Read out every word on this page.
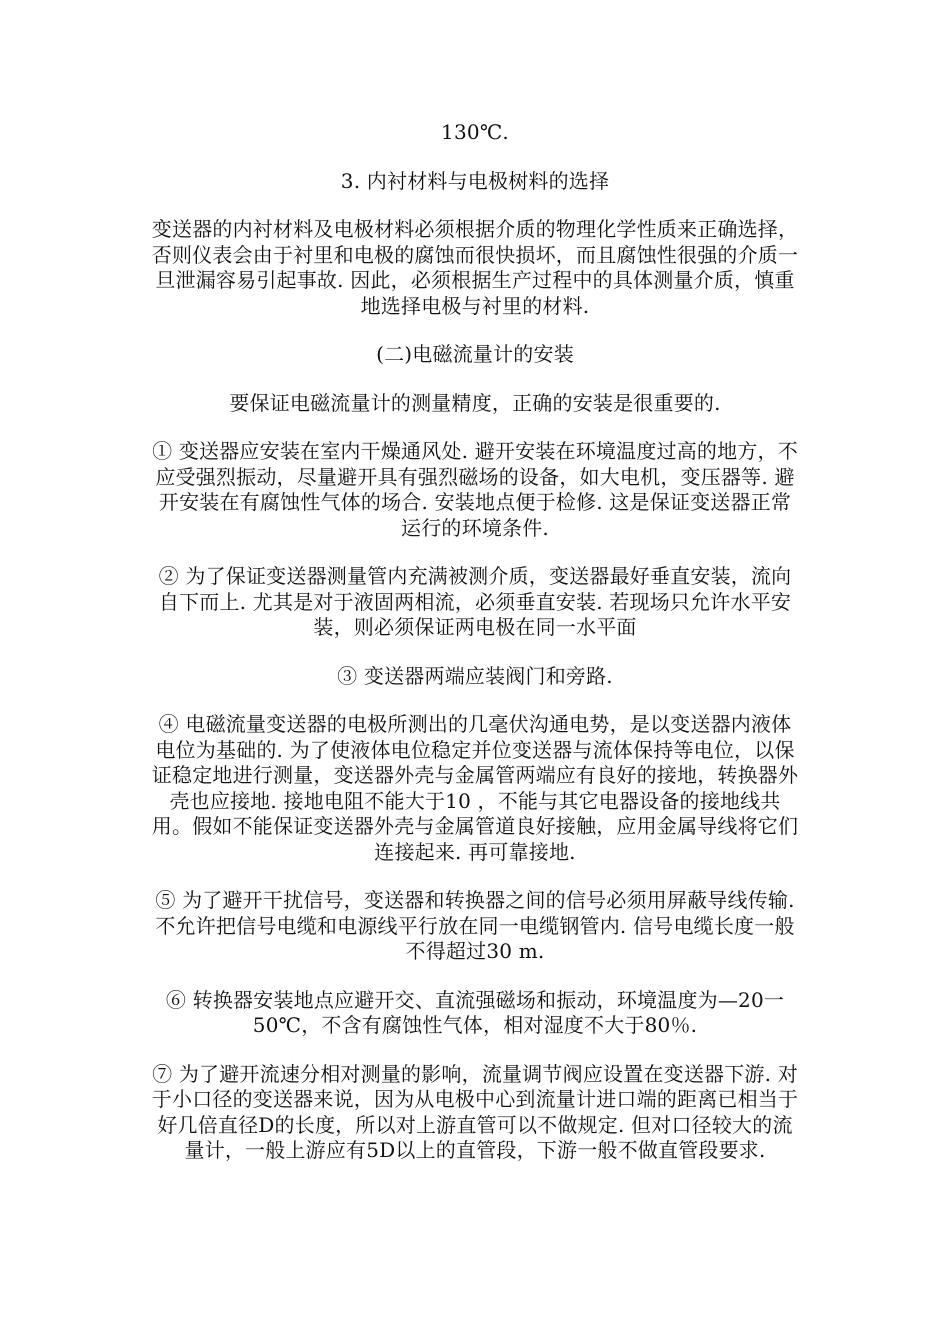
130℃.

3. 内衬材料与电极树料的选择

变送器的内衬材料及电极材料必须根据介质的物理化学性质来正确选择，否则仪表会由于衬里和电极的腐蚀而很快损坏，而且腐蚀性很强的介质一旦泄漏容易引起事故. 因此，必须根据生产过程中的具体测量介质，慎重地选择电极与衬里的材料.

(二)电磁流量计的安装

要保证电磁流量计的测量精度，正确的安装是很重要的.

① 变送器应安装在室内干燥通风处. 避开安装在环境温度过高的地方，不应受强烈振动，尽量避开具有强烈磁场的设备，如大电机，变压器等. 避开安装在有腐蚀性气体的场合. 安装地点便于检修. 这是保证变送器正常运行的环境条件.

② 为了保证变送器测量管内充满被测介质，变送器最好垂直安装，流向自下而上. 尤其是对于液固两相流，必须垂直安装. 若现场只允许水平安装，则必须保证两电极在同一水平面

③ 变送器两端应装阀门和旁路.

④ 电磁流量变送器的电极所测出的几毫伏沟通电势，是以变送器内液体电位为基础的. 为了使液体电位稳定并位变送器与流体保持等电位，以保证稳定地进行测量，变送器外壳与金属管两端应有良好的接地，转换器外壳也应接地. 接地电阻不能大于10 ，不能与其它电器设备的接地线共用。假如不能保证变送器外壳与金属管道良好接触，应用金属导线将它们连接起来. 再可靠接地.

⑤ 为了避开干扰信号，变送器和转换器之间的信号必须用屏蔽导线传输. 不允许把信号电缆和电源线平行放在同一电缆钢管内. 信号电缆长度一般不得超过30 m.

⑥ 转换器安装地点应避开交、直流强磁场和振动，环境温度为—20一50℃，不含有腐蚀性气体，相对湿度不大于80％.

⑦ 为了避开流速分相对测量的影响，流量调节阀应设置在变送器下游. 对于小口径的变送器来说，因为从电极中心到流量计进口端的距离已相当于好几倍直径D的长度，所以对上游直管可以不做规定. 但对口径较大的流量计，一般上游应有5D以上的直管段，下游一般不做直管段要求.
